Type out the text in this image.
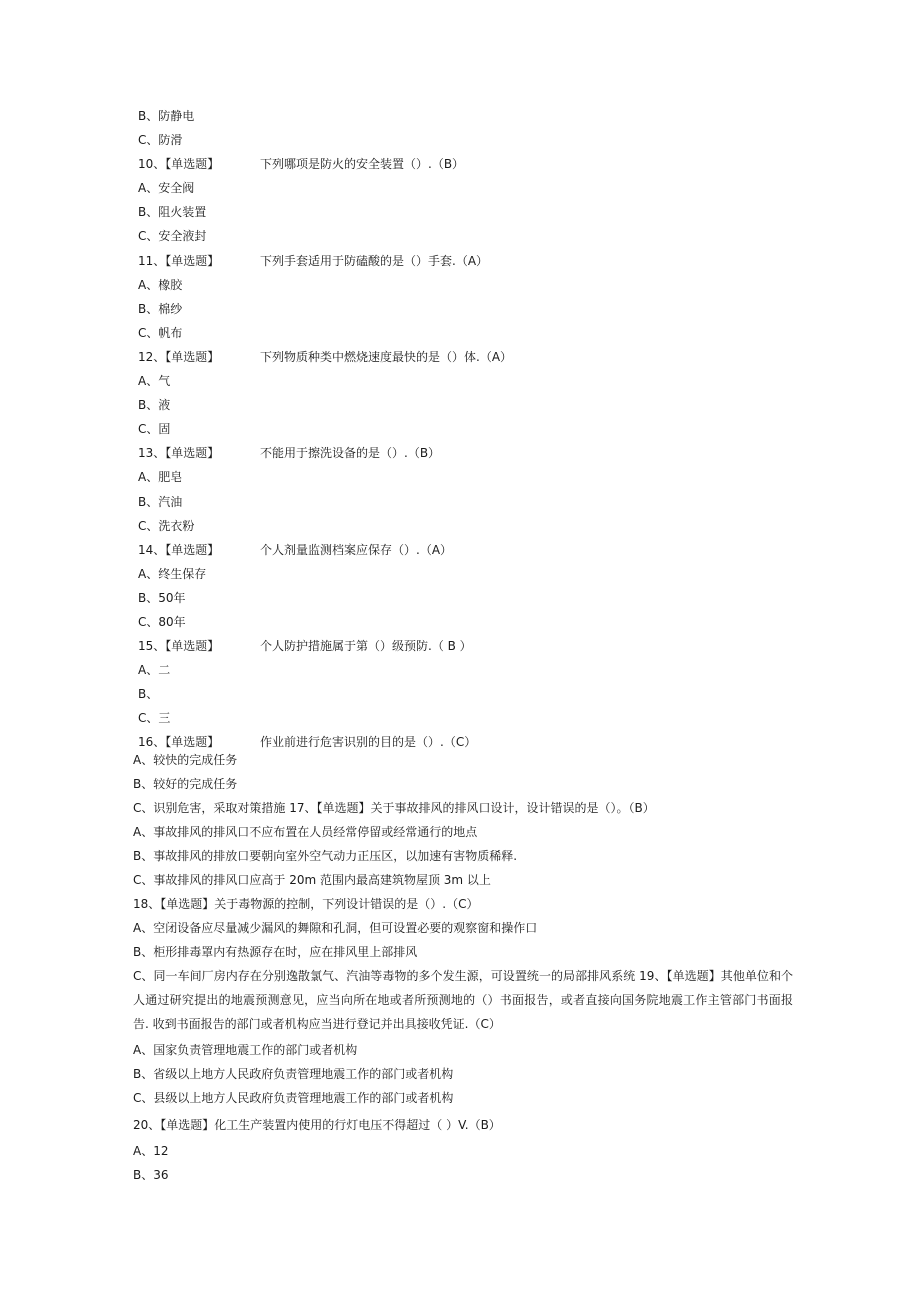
B、防静电
C、防滑
10、【单选题】	下列哪项是防火的安全装置（）.（B）
A、安全阀
B、阻火装置
C、安全液封
11、【单选题】	下列手套适用于防磕酸的是（）手套.（A）
A、橡胶
B、棉纱
C、帆布
12、【单选题】	下列物质种类中燃烧速度最快的是（）体.（A）
A、气
B、液
C、固
13、【单选题】	不能用于擦洗设备的是（）.（B）
A、肥皂
B、汽油
C、洗衣粉
14、【单选题】	个人剂量监测档案应保存（）.（A）
A、终生保存
B、50年
C、80年
15、【单选题】	个人防护措施属于第（）级预防.（ B ）
A、二
B、
C、三
16、【单选题】	作业前进行危害识别的目的是（）.（C）
A、较快的完成任务
B、较好的完成任务
C、识别危害，采取对策措施 17、【单选题】关于事故排风的排风口设计，设计错误的是（）。（B）
A、事故排风的排风口不应布置在人员经常停留或经常通行的地点
B、事故排风的排放口要朝向室外空气动力正压区，以加速有害物质稀释.
C、事故排风的排风口应高于 20m 范围内最高建筑物屋顶 3m 以上
18、【单选题】关于毒物源的控制，下列设计错误的是（）.（C）
A、空闭设备应尽量减少漏风的舞隙和孔洞，但可设置必要的观察窗和操作口
B、柜形排毒罩内有热源存在时，应在排风里上部排风
C、同一车间厂房内存在分别逸散氯气、汽油等毒物的多个发生源，可设置统一的局部排风系统 19、【单选题】其他单位和个人通过研究提出的地震预测意见，应当向所在地或者所预测地的（）书面报告，或者直接向国务院地震工作主管部门书面报告. 收到书面报告的部门或者机构应当进行登记并出具接收凭证.（C）
A、国家负责管理地震工作的部门或者机构
B、省级以上地方人民政府负责管理地震工作的部门或者机构
C、县级以上地方人民政府负责管理地震工作的部门或者机构
20、【单选题】化工生产装置内使用的行灯电压不得超过（ ）V.（B）
A、12
B、36
